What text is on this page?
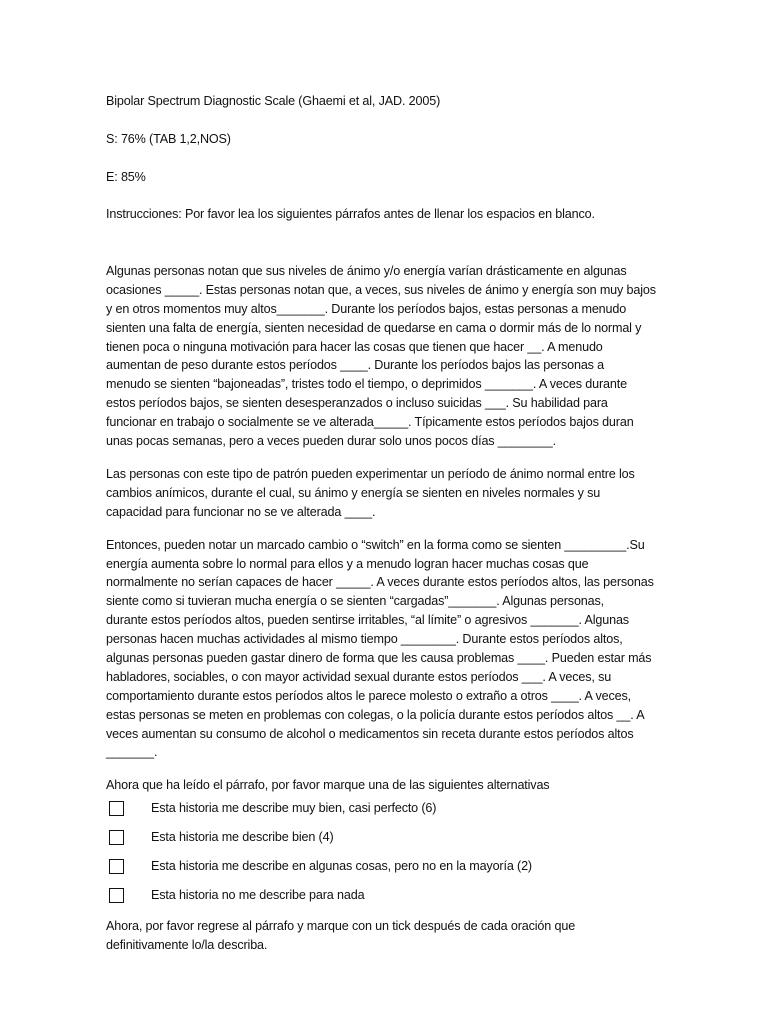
Bipolar Spectrum Diagnostic Scale (Ghaemi et al, JAD. 2005)
S: 76% (TAB 1,2,NOS)
E: 85%
Instrucciones: Por favor lea los siguientes párrafos antes de llenar los espacios en blanco.
Algunas personas notan que sus niveles de ánimo y/o energía varían drásticamente en algunas
ocasiones _____. Estas personas notan que, a veces, sus niveles de ánimo y energía son muy bajos
y en otros momentos muy altos_______. Durante los períodos bajos, estas personas a menudo
sienten una falta de energía, sienten necesidad de quedarse en cama o dormir más de lo normal y
tienen poca o ninguna motivación para hacer las cosas que tienen que hacer __. A menudo
aumentan de peso durante estos períodos ____. Durante los períodos bajos las personas a
menudo se sienten “bajoneadas”, tristes todo el tiempo, o deprimidos _______. A veces durante
estos períodos bajos, se sienten desesperanzados o incluso suicidas ___. Su habilidad para
funcionar en trabajo o socialmente se ve alterada_____. Típicamente estos períodos bajos duran
unas pocas semanas, pero a veces pueden durar solo unos pocos días ________.
Las personas con este tipo de patrón pueden experimentar un período de ánimo normal entre los
cambios anímicos, durante el cual, su ánimo y energía se sienten en niveles normales y su
capacidad para funcionar no se ve alterada ____.
Entonces, pueden notar un marcado cambio o “switch” en la forma como se sienten _________.Su
energía aumenta sobre lo normal para ellos y a menudo logran hacer muchas cosas que
normalmente no serían capaces de hacer _____. A veces durante estos períodos altos, las personas
siente como si tuvieran mucha energía o se sienten “cargadas”_______. Algunas personas,
durante estos períodos altos, pueden sentirse irritables, “al límite” o agresivos _______. Algunas
personas hacen muchas actividades al mismo tiempo ________. Durante estos períodos altos,
algunas personas pueden gastar dinero de forma que les causa problemas ____. Pueden estar más
habladores, sociables, o con mayor actividad sexual durante estos períodos ___. A veces, su
comportamiento durante estos períodos altos le parece molesto o extraño a otros ____. A veces,
estas personas se meten en problemas con colegas, o la policía durante estos períodos altos __. A
veces aumentan su consumo de alcohol o medicamentos sin receta durante estos períodos altos
_______.
Ahora que ha leído el párrafo, por favor marque una de las siguientes alternativas
Esta historia me describe muy bien, casi perfecto (6)
Esta historia me describe bien (4)
Esta historia me describe en algunas cosas, pero no en la mayoría (2)
Esta historia no me describe para nada
Ahora, por favor regrese al párrafo y marque con un tick después de cada oración que
definitivamente lo/la describa.
